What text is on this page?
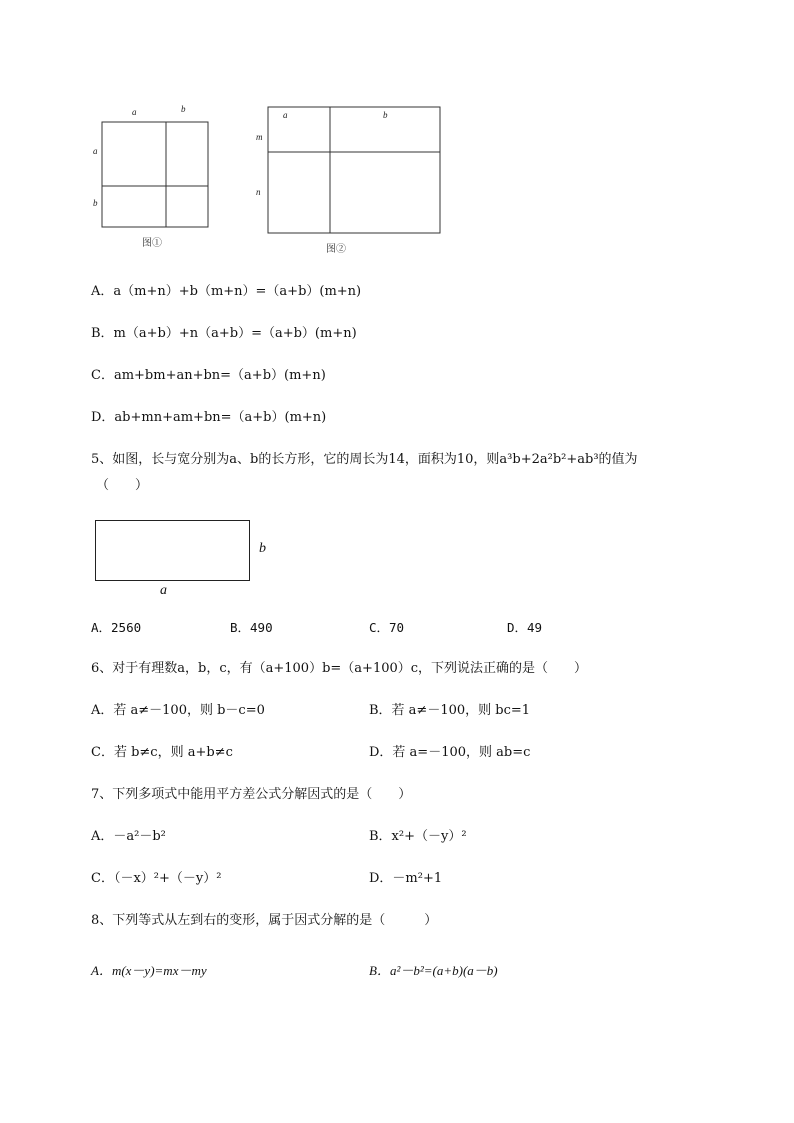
a	b
a
b
图①
a	b
m
n
图②
A．a（m+n）+b（m+n）=（a+b）(m+n)
B．m（a+b）+n（a+b）=（a+b）(m+n)
C．am+bm+an+bn=（a+b）(m+n)
D．ab+mn+am+bn=（a+b）(m+n)
5、如图，长与宽分别为a、b的长方形，它的周长为14，面积为10，则a³b+2a²b²+ab³的值为
（　　）
b
a
A．2560	B．490	C．70	D．49
6、对于有理数a，b，c，有（a+100）b=（a+100）c，下列说法正确的是（　　）
A．若 a≠－100，则 b－c=0	B．若 a≠－100，则 bc=1
C．若 b≠c，则 a+b≠c	D．若 a=－100，则 ab=c
7、下列多项式中能用平方差公式分解因式的是（　　）
A．－a²－b²	B．x²+（－y）²
C．（－x）²+（－y）²	D．－m²+1
8、下列等式从左到右的变形，属于因式分解的是（　　　）
A．m(x－y)=mx－my	B．a²－b²=(a+b)(a－b)
